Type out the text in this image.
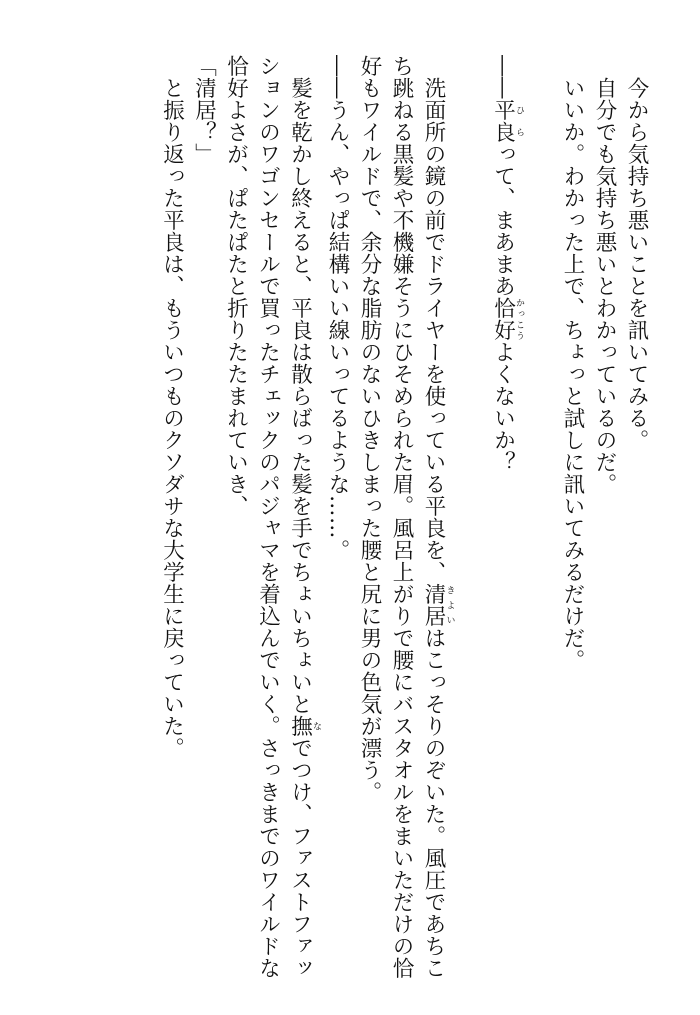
今から気持ち悪いことを訊いてみる。

自分でも気持ち悪いとわかっているのだ。

いいか。わかった上で、ちょっと試しに訊いてみるだけだ。

――平良ひらって、まあまあ恰好かっこうよくないか？

洗面所の鏡の前でドライヤーを使っている平良を、清居きよいはこっそりのぞいた。風圧であちこ

ち跳ねる黒髪や不機嫌そうにひそめられた眉。風呂上がりで腰にバスタオルをまいただけの恰

好もワイルドで、余分な脂肪のないひきしまった腰と尻に男の色気が漂う。

――うん、やっぱ結構いい線いってるような……。

髪を乾かし終えると、平良は散らばった髪を手でちょいちょいと撫なでつけ、ファストファッ

ションのワゴンセールで買ったチェックのパジャマを着込んでいく。さっきまでのワイルドな

恰好よさが、ぱたぱたと折りたたまれていき、

「清居？」

と振り返った平良は、もういつものクソダサな大学生に戻っていた。
